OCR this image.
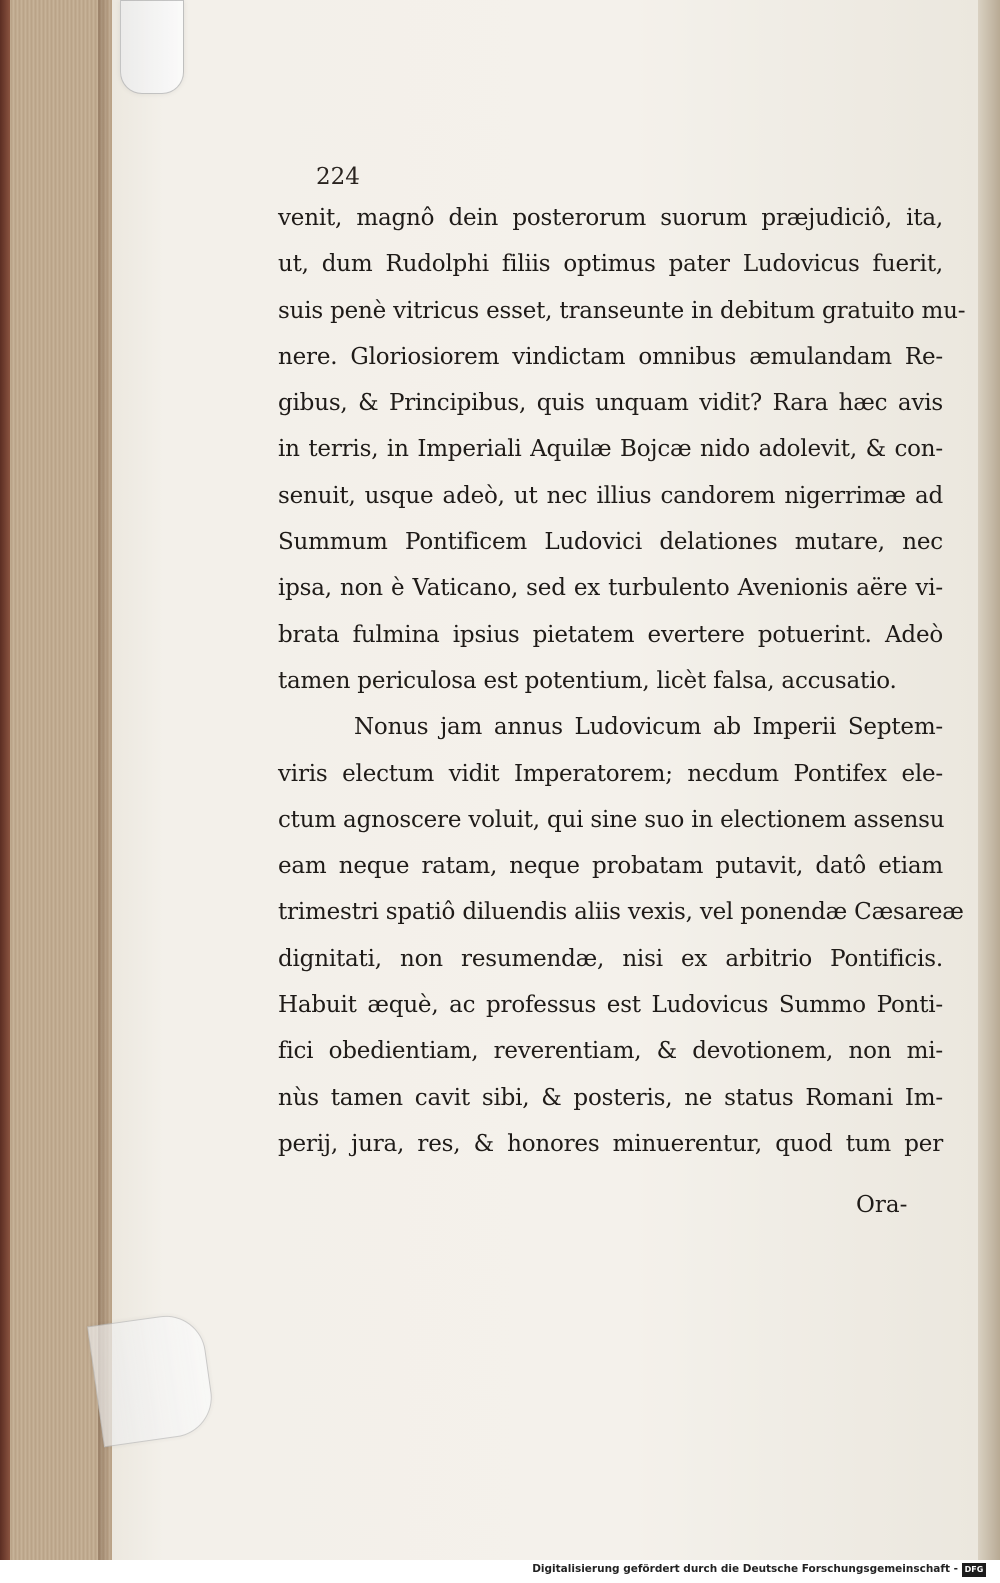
224

venit, magnô dein posterorum suorum præjudiciô, ita,
ut, dum Rudolphi filiis optimus pater Ludovicus fuerit,
suis penè vitricus esset, transeunte in debitum gratuito mu-
nere. Gloriosiorem vindictam omnibus æmulandam Re-
gibus, & Principibus, quis unquam vidit? Rara hæc avis
in terris, in Imperiali Aquilæ Bojcæ nido adolevit, & con-
senuit, usque adeò, ut nec illius candorem nigerrimæ ad
Summum Pontificem Ludovici delationes mutare, nec
ipsa, non è Vaticano, sed ex turbulento Avenionis aëre vi-
brata fulmina ipsius pietatem evertere potuerint. Adeò
tamen periculosa est potentium, licèt falsa, accusatio.
Nonus jam annus Ludovicum ab Imperii Septem-
viris electum vidit Imperatorem; necdum Pontifex ele-
ctum agnoscere voluit, qui sine suo in electionem assensu
eam neque ratam, neque probatam putavit, datô etiam
trimestri spatiô diluendis aliis vexis, vel ponendæ Cæsareæ
dignitati, non resumendæ, nisi ex arbitrio Pontificis.
Habuit æquè, ac professus est Ludovicus Summo Ponti-
fici obedientiam, reverentiam, & devotionem, non mi-
nùs tamen cavit sibi, & posteris, ne status Romani Im-
perij, jura, res, & honores minuerentur, quod tum per

Ora-

Digitalisierung gefördert durch die Deutsche Forschungsgemeinschaft - DFG
